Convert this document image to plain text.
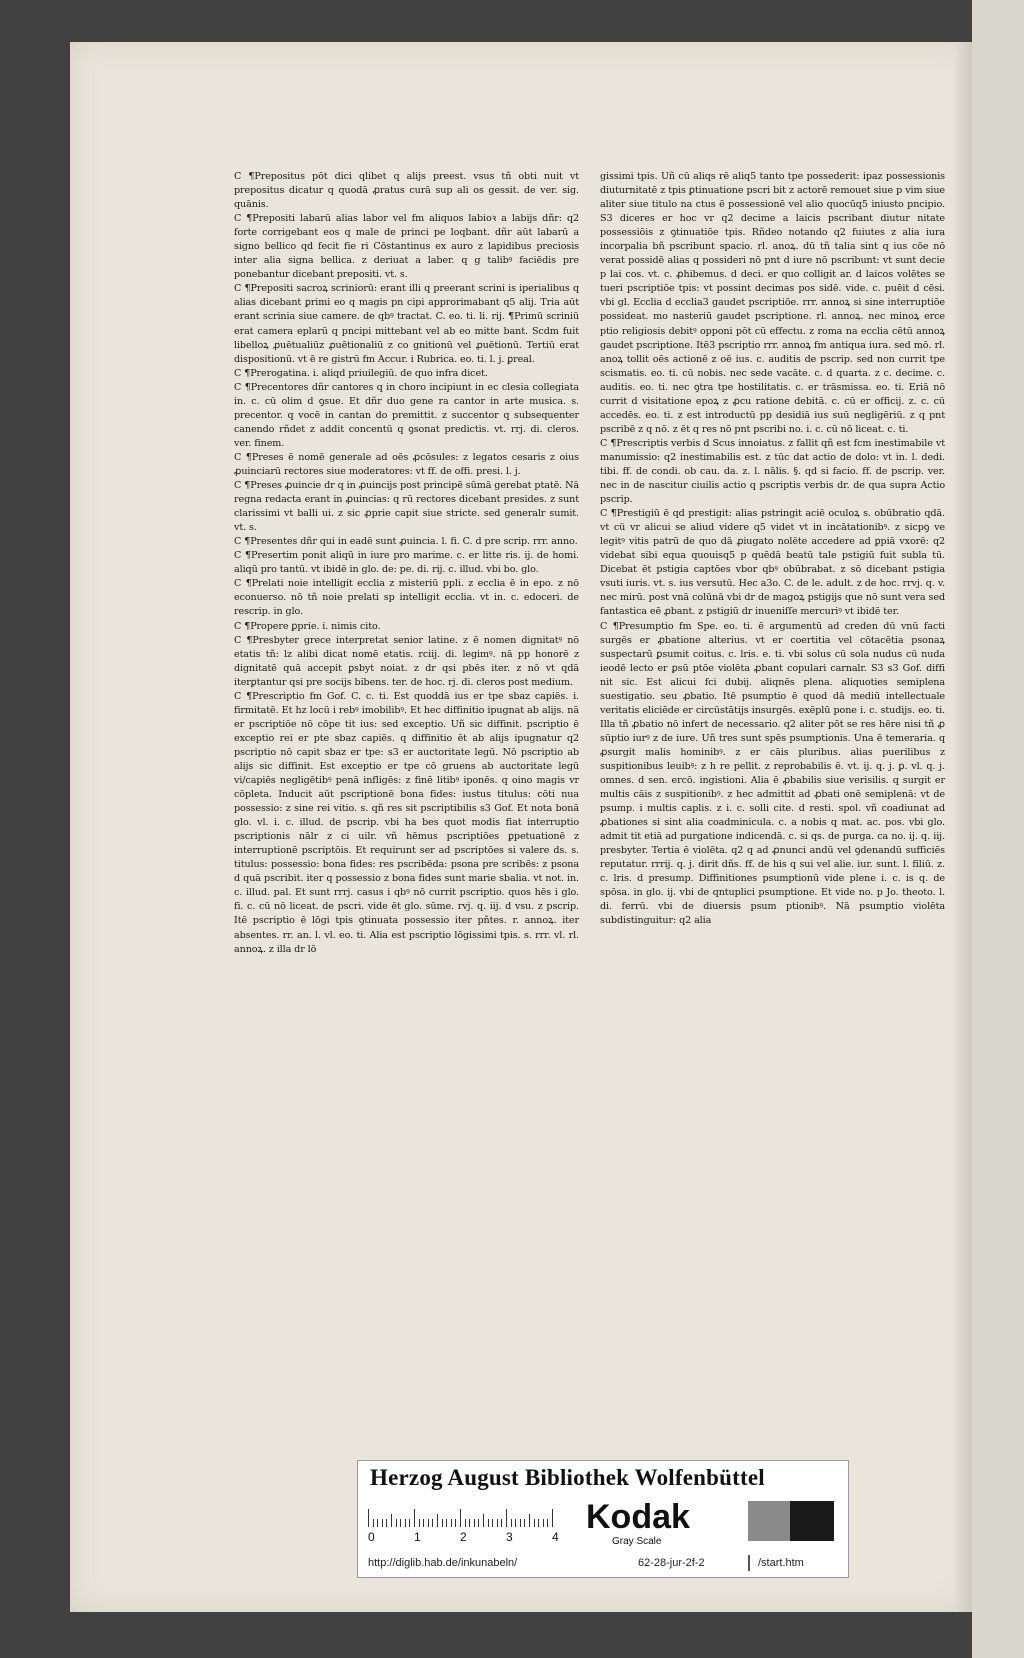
C ¶Prepositus pōt dici qlibet q alijs preest. vsus tñ obti nuit vt prepositus dicatur q quodā ꝓratus curā sup ali os gessit. de ver. sig. quānis.

C ¶Prepositi labarū alias labor vel fm aliquos labioꝛ a labijs dñr: q2 forte corrigebant eos q male de princi pe loqbant. dñr aūt labarū a signo bellico qd fecit fie ri Cōstantinus ex auro z lapidibus preciosis inter alia signa bellica. z deriuat a laber. q g talibꝰ faciēdis pre ponebantur dicebant prepositi. vt. s.

C ¶Prepositi sacroꝝ scriniorū: erant illi q preerant scrini is iperialibus q alias dicebant ꝑrimi eo q magis pn cipi approrimabant q5 alij. Tria aūt erant scrinia siue camere. de qbꝰ tractat. C. eo. ti. li. rij. ¶Primū scriniū erat camera eplarū q pncipi mittebant vel ab eo mitte bant. Scdm fuit libelloꝝ ꝓuētualiūz ꝓuētionaliū z co gnitionū vel ꝓuētionū. Tertiū erat dispositionū. vt ē re gistrū fm Accur. i Rubrica. eo. ti. l. j. ꝑreal.

C ¶Prerogatina. i. aliqd priuilegiū. de quo infra dicet.

C ¶Precentores dñr cantores q in choro incipiunt in ec clesia collegiata in. c. cū olim d ꝯsue. Et dñr duo gene ra cantor in arte musica. s. precentor. q vocē in cantan do premittit. z succentor q subsequenter canendo rñdet z addit concentū q ꝯsonat predictis. vt. rrj. di. cleros. ver. finem.

C ¶Preses ē nomē generale ad oēs ꝓcōsules: z legatos cesaris z oius ꝓuinciarū rectores siue moderatores: vt ff. de offi. presi. l. j.

C ¶Preses ꝓuincie dr q in ꝓuincijs post principē sūmā gerebat ptatē. Nā regna redacta erant in ꝓuincias: q rū rectores dicebant presides. z sunt clarissimi vt balli ui. z sic ꝓprie capit siue stricte. sed generalr sumit. vt. s.

C ¶Presentes dñr qui in eadē sunt ꝓuincia. l. fi. C. d pre scrip. rrr. anno.

C ¶Presertim ponit aliqū in iure pro marime. c. er litte ris. ij. de homi. aliqū pro tantū. vt ibidē in glo. de: pe. di. rij. c. illud. vbi bo. glo.

C ¶Prelati noie intelligit ecclia z misteriū ppli. z ecclia ē in epo. z nō econuerso. nō tñ noie prelati sp intelligit ecclia. vt in. c. edoceri. de rescrip. in glo.

C ¶Propere ꝑprie. i. nimis cito.

C ¶Presbyter grece interpretat senior latine. z ē nomen dignitatꝰ nō etatis tñ: lz alibi dicat nomē etatis. rciij. di. legimꝰ. nā pp honorē z dignitatē quā accepit ꝑsbyt noiat. z dr qsi pbēs iter. z nō vt qdā iterꝑtantur qsi pre socijs bibens. ter. de hoc. rj. di. cleros post medium.

C ¶Prescriptio fm Gof. C. c. ti. Est quoddā ius er tpe sbaz capiēs. i. firmitatē. Et hz locū i rebꝰ imobilibꝰ. Et hec diffinitio ipugnat ab alijs. nā er pscriptiōe nō cōpe tit ius: sed exceptio. Uñ sic diffinit. pscriptio ē exceptio rei er pte sbaz capiēs. q diffinitio ēt ab alijs ipugnatur q2 pscriptio nō capit sbaz er tpe: s3 er auctoritate legū. Nō pscriptio ab alijs sic diffinit. Est exceptio er tpe cō gruens ab auctoritate legū vi/capiēs negligētibꝰ penā infligēs: z finē litibꝰ iponēs. q oino magis vr cōpleta. Inducit aūt pscriptionē bona fides: iustus titulus: cōti nua possessio: z sine rei vitio. s. qñ res sit pscriptibilis s3 Gof. Et nota bonā glo. vl. i. c. illud. de pscrip. vbi ha bes quot modis fiat interruptio pscriptionis nālr z ci uilr. vñ hēmus pscriptiōes ꝑpetuationē z interruptionē pscriptōis. Et requirunt ser ad pscriptōes si valere ds. s. titulus: possessio: bona fides: res pscribēda: psona pre scribēs: z psona d quā pscribit. iter q possessio z bona fides sunt marie sbalia. vt not. in. c. illud. pal. Et sunt rrrj. casus i qbꝰ nō currit pscriptio. quos hēs i glo. fi. c. cū nō liceat. de pscri. vide ēt glo. sūme. rvj. q. iij. d vsu. z pscrip. Itē pscriptio ē lōgi tpis ꝯtinuata possessio iter pñtes. r. annoꝝ. iter absentes. rr. an. l. vl. eo. ti. Alia est pscriptio lōgissimi tpis. s. rrr. vl. rl. annoꝝ. z illa dr lō

gissimi tpis. Uñ cū aliqs rē aliq5 tanto tpe possederit: ipaz possessionis diuturnitatē z tpis ꝑtinuatione pscri bit z actorē remouet siue p vim siue aliter siue titulo na ctus ē possessionē vel alio quocūq5 iniusto pncipio. S3 diceres er hoc vr q2 decime a laicis pscribant diutur nitate possessiōis z ꝯtinuatiōe tpis. Rñdeo notando q2 fuiutes z alia iura incorpalia bñ pscribunt spacio. rl. anoꝝ. dū tñ talia sint q ius cōe nō verat possidē alias q possideri nō pnt d iure nō pscribunt: vt sunt decie p lai cos. vt. c. ꝓhibemus. d deci. er quo colligit ar. d laicos volētes se tueri pscriptiōe tpis: vt possint decimas pos sidē. vide. c. puēit d cēsi. vbi gl. Ecclia d ecclia3 gaudet pscriptiōe. rrr. annoꝝ si sine interruptiōe possideat. mo nasteriū gaudet pscriptione. rl. annoꝝ. nec minoꝝ erce ptio religiosis debitꝰ opponi pōt cū effectu. z roma na ecclia cētū annoꝝ gaudet pscriptione. Itē3 pscriptio rrr. annoꝝ fm antiqua iura. sed mō. rl. anoꝝ tollit oēs actionē z oē ius. c. auditis de pscrip. sed non currit tpe scismatis. eo. ti. cū nobis. nec sede vacāte. c. d quarta. z c. decime. c. auditis. eo. ti. nec ꝯtra tpe hostilitatis. c. er trāsmissa. eo. ti. Eriā nō currit d visitatione epoꝝ z ꝓcu ratione debitā. c. cū er officij. z. c. cū accedēs. eo. ti. z est introductū pp desidiā ius suū negligēriū. z q pnt pscribē z q nō. z ēt q res nō pnt pscribi no. i. c. cū nō liceat. c. ti.

C ¶Prescriptis verbis d Scus innoiatus. z fallit qñ est fcm inestimabile vt manumissio: q2 inestimabilis est. z tūc dat actio de dolo: vt in. l. dedi. tibi. ff. de condi. ob cau. da. z. l. nālis. §. qd si facio. ff. de pscrip. ver. nec in de nascitur ciuilis actio q pscriptis verbis dr. de qua supra Actio pscrip.

C ¶Prestigiū ē qd prestigit: alias pstringit aciē oculoꝝ s. obūbratio qdā. vt cū vr alicui se aliud videre q5 videt vt in incātationibꝰ. z sicpꝯ ve legitꝰ vitis patrū de quo dā ꝓiugato nolēte accedere ad ꝑpiā vxorē: q2 videbat sibi equa quouisq5 p quēdā beatū tale pstigiū fuit subla tū. Dicebat ēt pstigia captōes vbor qbꝰ obūbrabat. z sō dicebant pstigia vsuti iuris. vt. s. ius versutū. Hec a3o. C. de le. adult. z de hoc. rrvj. q. v. nec mirū. post vnā colūnā vbi dr de magoꝝ pstigijs que nō sunt vera sed fantastica eē ꝓbant. z pstigiū dr inueniſſe mercuriꝰ vt ibidē ter.

C ¶Presumptio fm Spe. eo. ti. ē argumentū ad creden dū vnū facti surgēs er ꝓbatione alterius. vt er coertitia vel cōtacētia psonaꝝ suspectarū ꝑsumit coitus. c. lris. e. ti. vbi solus cū sola nudus cū nuda ieodē lecto er ꝑsū ptōe violēta ꝓbant copulari carnalr. S3 s3 Gof. diffi nit sic. Est alicui fci dubij. aliqnēs plena. aliquoties semiplena suestigatio. seu ꝓbatio. Itē psumptio ē quod dā mediū intellectuale veritatis eliciēde er circūstātijs insurgēs. exēplū pone i. c. studijs. eo. ti. Illa tñ ꝓbatio nō infert de necessario. q2 aliter pōt se res hēre nisi tñ ꝓ sūptio iurꝰ z de iure. Uñ tres sunt spēs psumptionis. Una ē temeraria. q ꝓsurgit malis hominibꝰ. z er cāis pluribus. alias puerilibus z suspitionibus leuibꝰ: z h re pellit. z reprobabilis ē. vt. ij. q. j. ꝑ. vl. q. j. omnes. d sen. ercō. ingistioni. Alia ē ꝓbabilis siue verisilis. q surgit er multis cāis z suspitionibꝰ. z hec admittit ad ꝓbati onē semiplenā: vt de psump. i multis caplis. z i. c. solli cite. d resti. spol. vñ coadiunat ad ꝓbationes si sint alia coadminicula. c. a nobis q mat. ac. pos. vbi glo. admit tit etiā ad purgatione indicendā. c. si qs. de purga. ca no. ij. q. iij. presbyter. Tertia ē violēta. q2 q ad ꝓnunci andū vel ꝯdenandū sufficiēs reputatur. rrrij. q. j. dirit dñs. ff. de his q sui vel alie. iur. sunt. l. filiū. z. c. lris. d presump. Diffinitiones psumptionū vide plene i. c. is q. de spōsa. in glo. ij. vbi de qntuplici psumptione. Et vide no. p Jo. theoto. l. di. ferrū. vbi de diuersis psum ptionibꝰ. Nā psumptio violēta subdistinguitur: q2 alia

Herzog August Bibliothek Wolfenbüttel
0	1	2	3	4
Kodak
Gray Scale
http://diglib.hab.de/inkunabeln/	62-28-jur-2f-2	/start.htm
